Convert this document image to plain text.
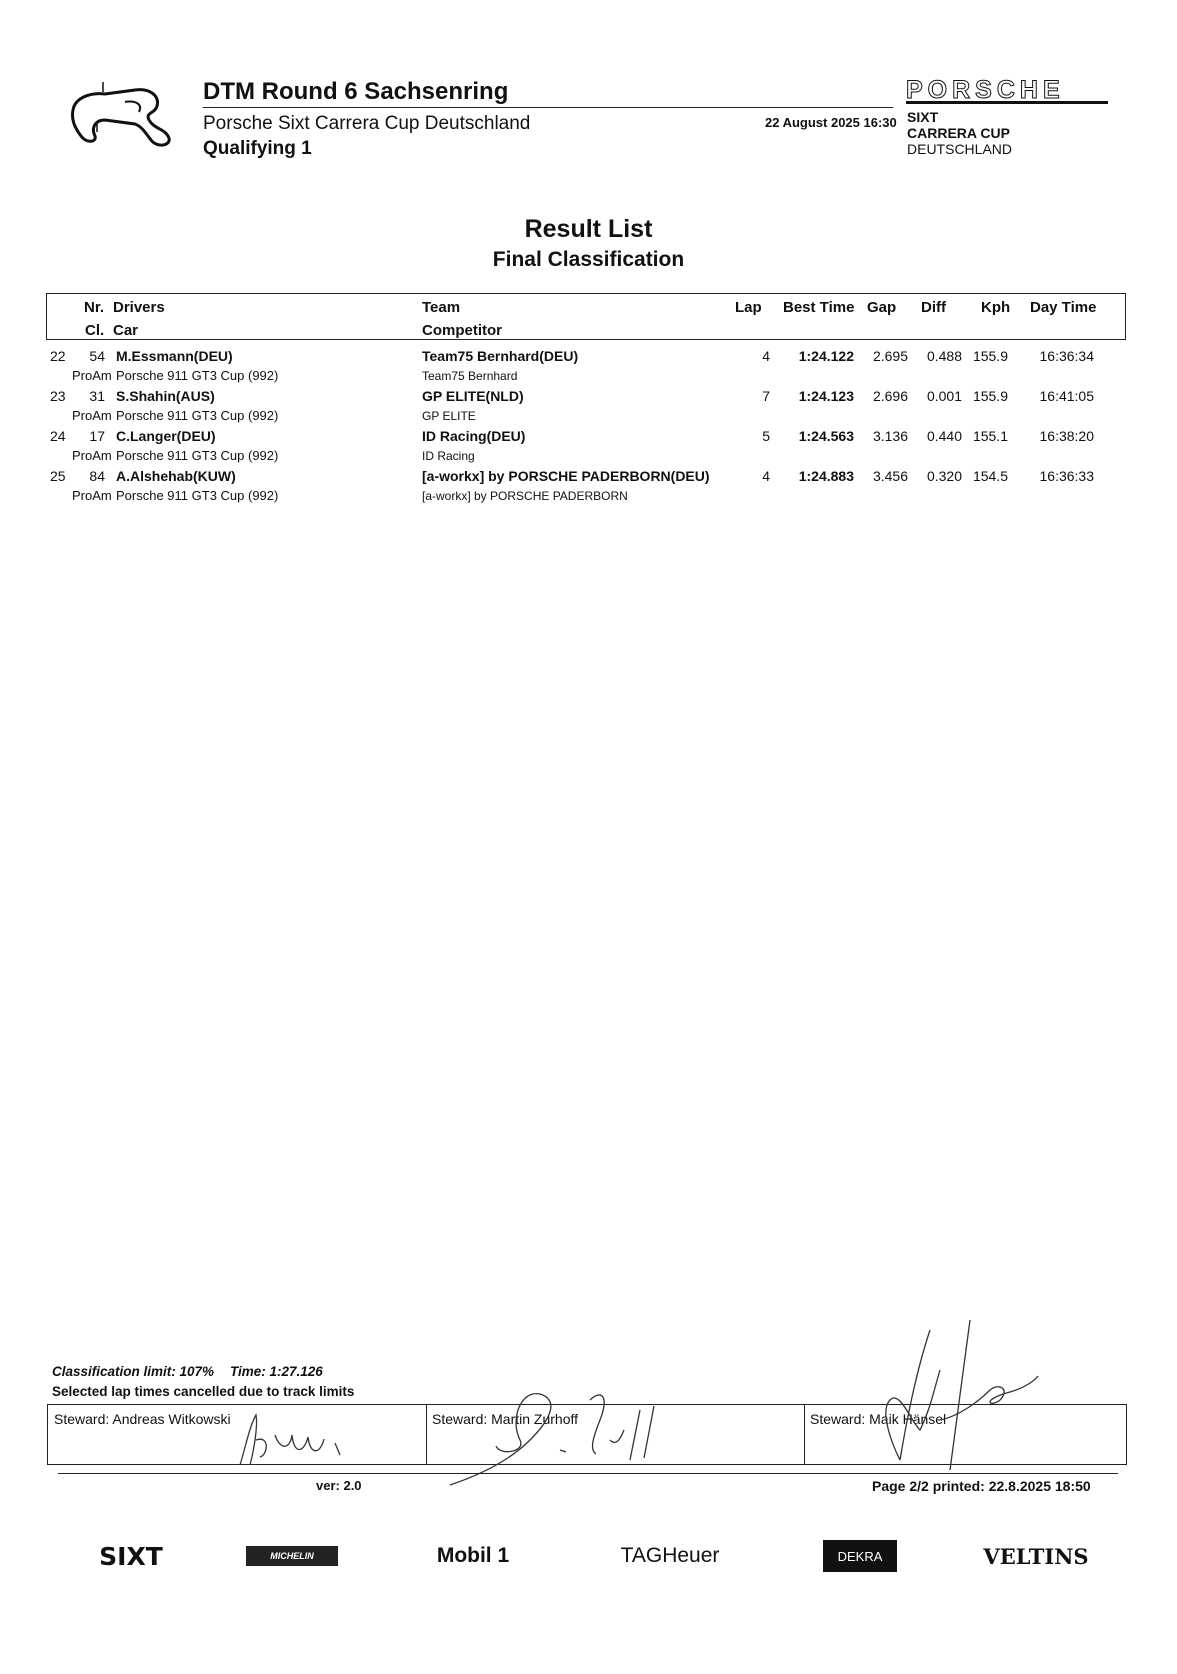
DTM Round 6 Sachsenring
Porsche Sixt Carrera Cup Deutschland
Qualifying 1
22 August 2025 16:30
PORSCHE
SIXT
CARRERA CUP
DEUTSCHLAND
Result List
Final Classification
Nr. Drivers
Cl. Car
Team
Competitor
Lap Best Time Gap Diff Kph Day Time
22	54 M.Essmann(DEU)	Team75 Bernhard(DEU)	4	1:24.122	2.695	0.488 155.9	16:36:34
ProAm Porsche 911 GT3 Cup (992)	Team75 Bernhard
23	31 S.Shahin(AUS)	GP ELITE(NLD)	7	1:24.123	2.696	0.001 155.9	16:41:05
ProAm Porsche 911 GT3 Cup (992)	GP ELITE
24	17 C.Langer(DEU)	ID Racing(DEU)	5	1:24.563	3.136	0.440 155.1	16:38:20
ProAm Porsche 911 GT3 Cup (992)	ID Racing
25	84 A.Alshehab(KUW)	[a-workx] by PORSCHE PADERBORN(DEU)	4	1:24.883	3.456	0.320 154.5	16:36:33
ProAm Porsche 911 GT3 Cup (992)	[a-workx] by PORSCHE PADERBORN
Classification limit: 107% Time: 1:27.126
Selected lap times cancelled due to track limits
Steward: Andreas Witkowski	Steward: Martin Zurhoff	Steward: Maik Hänsel
ver: 2.0	Page 2/2 printed: 22.8.2025 18:50
SIXT	MICHELIN	Mobil 1	TAGHeuer	DEKRA	VELTINS
